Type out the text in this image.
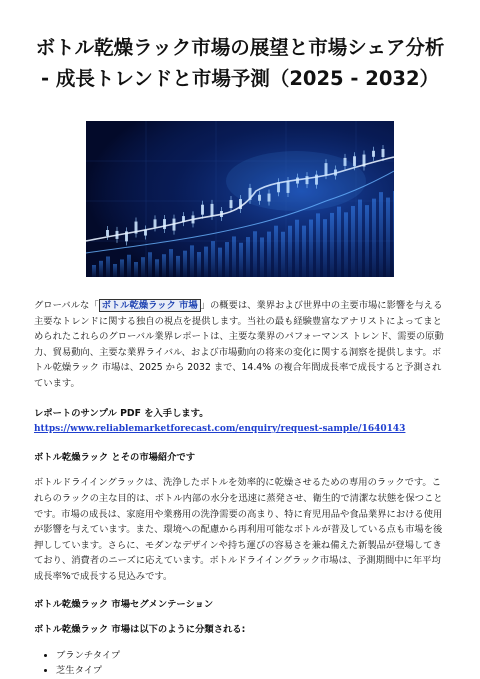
ボトル乾燥ラック市場の展望と市場シェア分析
- 成長トレンドと市場予測（2025 - 2032）

グローバルな「 ボトル乾燥ラック 市場 」の概要は、業界および世界中の主要市場に影響を与える主要なトレンドに関する独自の視点を提供します。当社の最も経験豊富なアナリストによってまとめられたこれらのグローバル業界レポートは、主要な業界のパフォーマンス トレンド、需要の原動力、貿易動向、主要な業界ライバル、および市場動向の将来の変化に関する洞察を提供します。ボトル乾燥ラック 市場は、2025 から 2032 まで、14.4% の複合年間成長率で成長すると予測されています。

レポートのサンプル PDF を入手します。
https://www.reliablemarketforecast.com/enquiry/request-sample/1640143
ボトル乾燥ラック とその市場紹介です

ボトルドライイングラックは、洗浄したボトルを効率的に乾燥させるための専用のラックです。これらのラックの主な目的は、ボトル内部の水分を迅速に蒸発させ、衛生的で清潔な状態を保つことです。市場の成長は、家庭用や業務用の洗浄需要の高まり、特に育児用品や食品業界における使用が影響を与えています。また、環境への配慮から再利用可能なボトルが普及している点も市場を後押ししています。さらに、モダンなデザインや持ち運びの容易さを兼ね備えた新製品が登場してきており、消費者のニーズに応えています。ボトルドライイングラック市場は、予測期間中に年平均成長率%で成長する見込みです。

ボトル乾燥ラック 市場セグメンテーション
ボトル乾燥ラック 市場は以下のように分類される:
• ブランチタイプ
• 芝生タイプ
